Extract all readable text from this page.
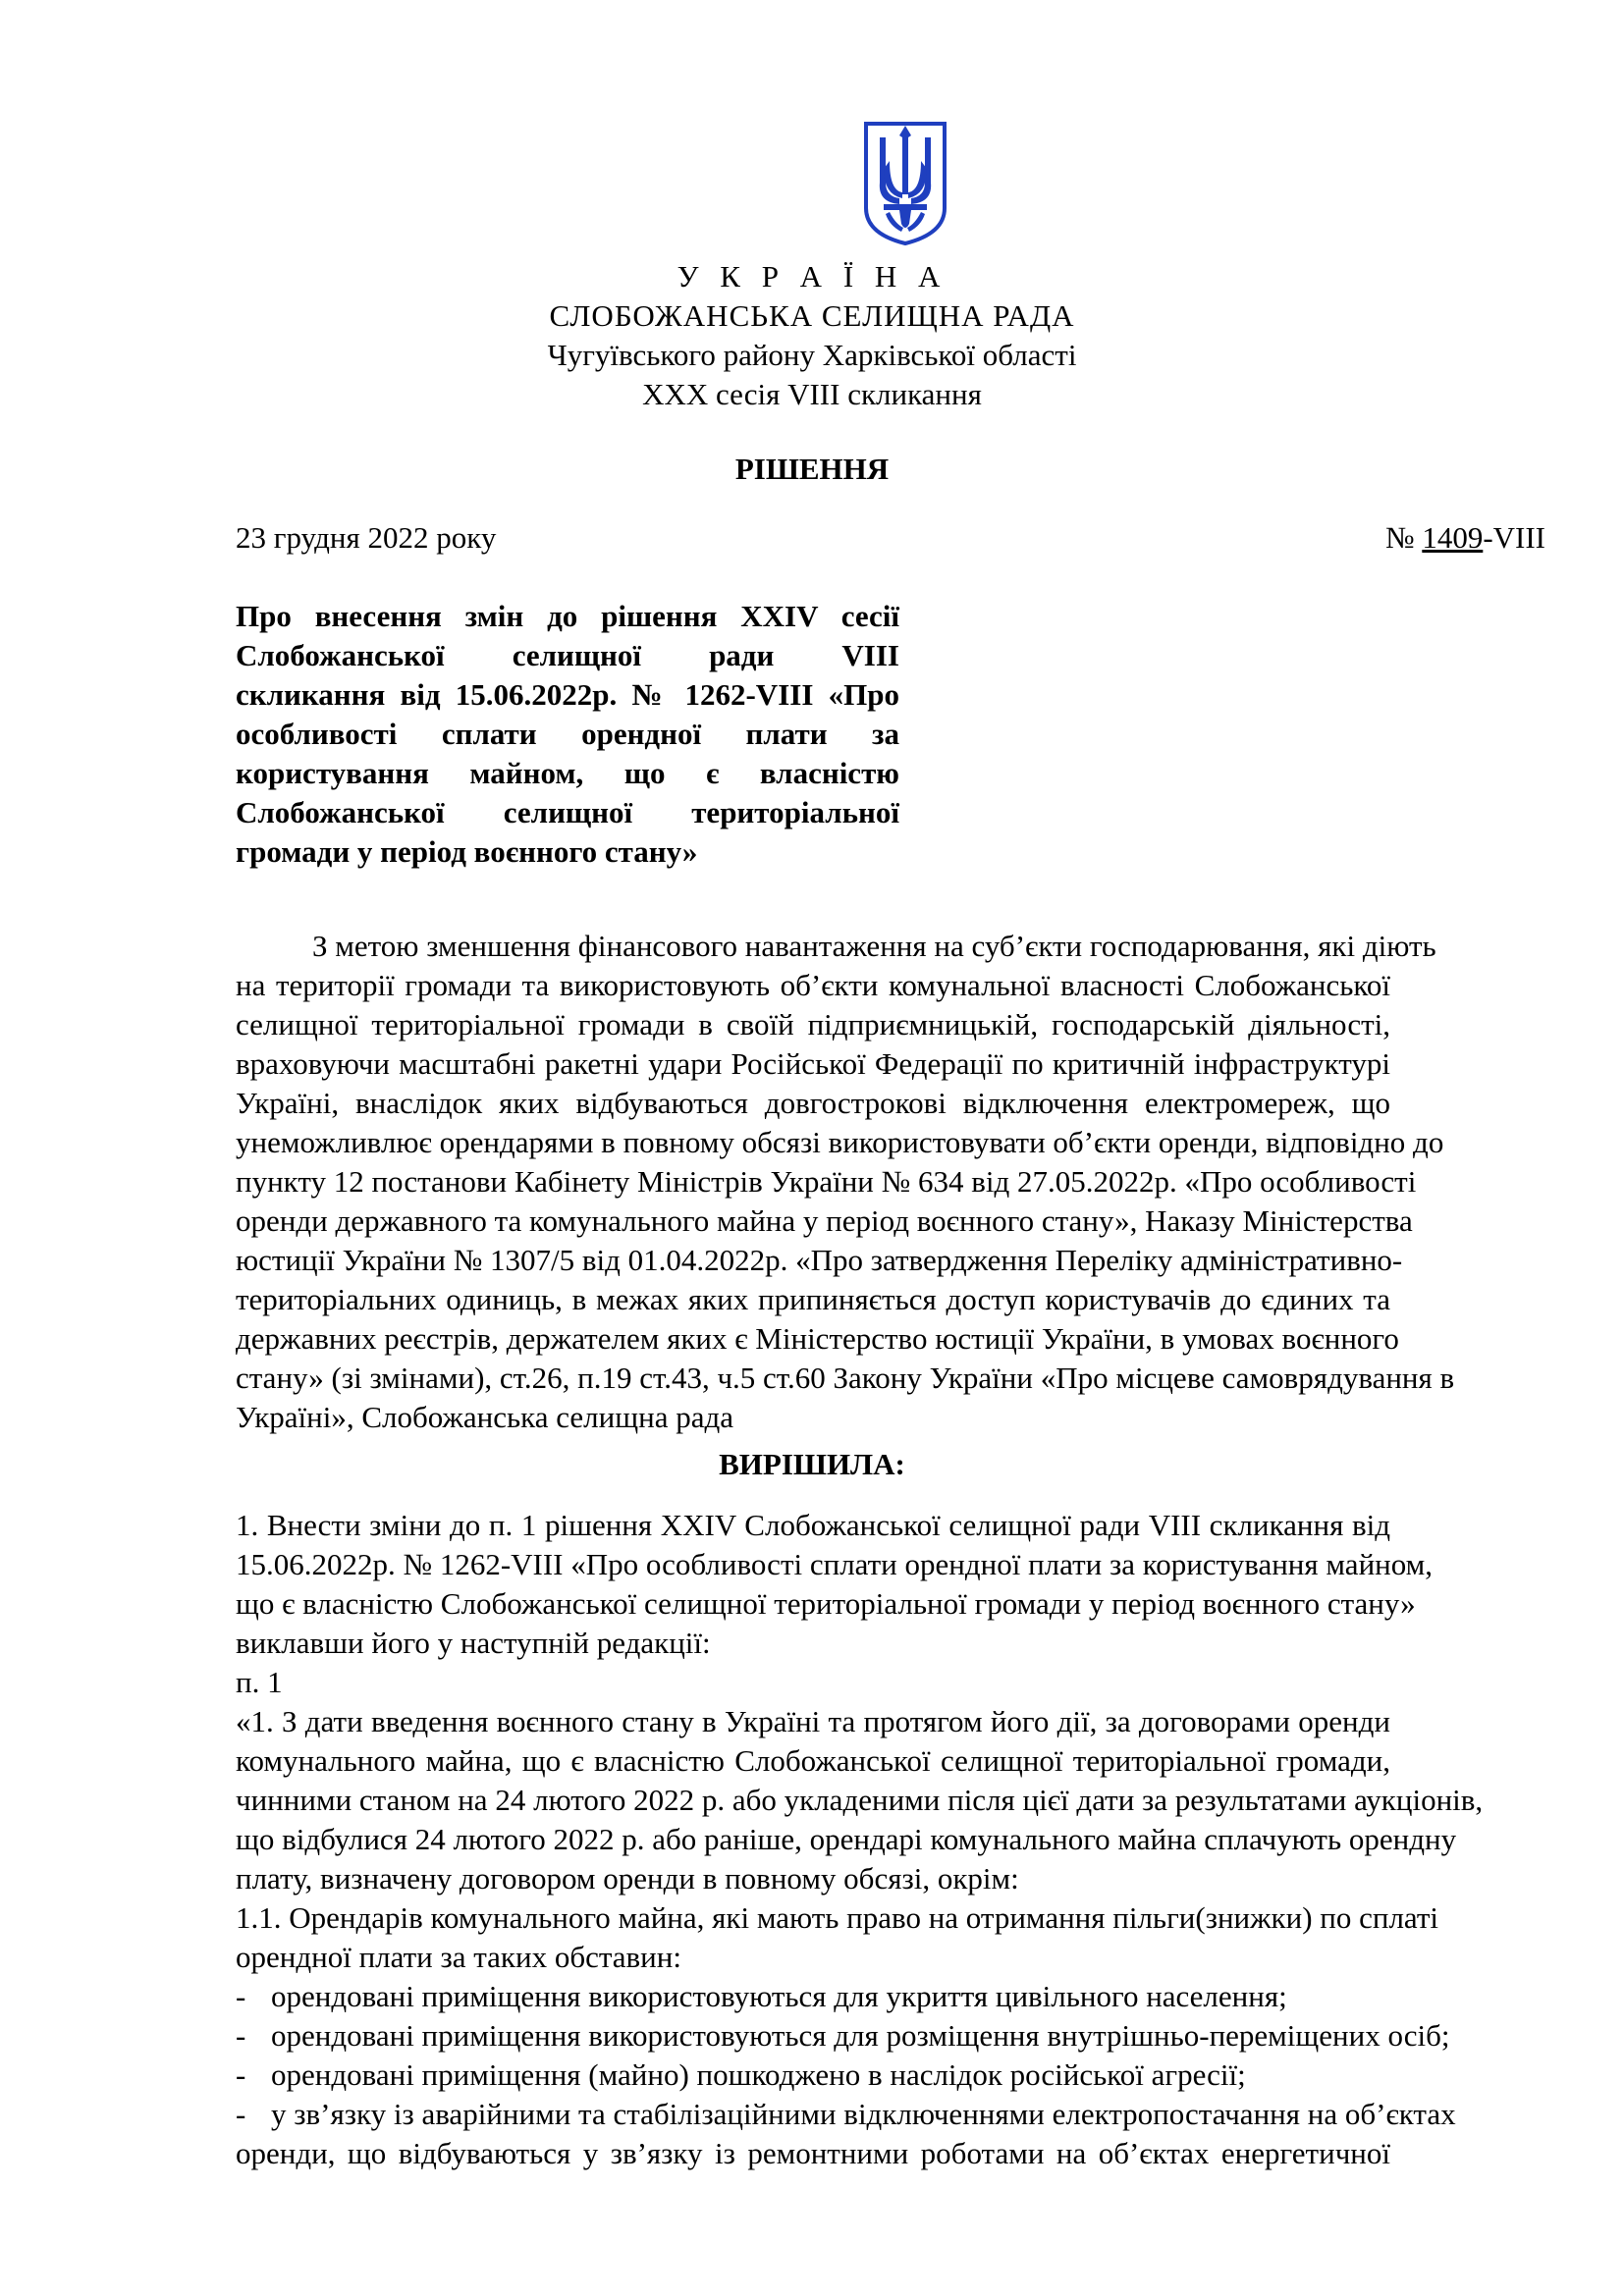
У К Р А Ї Н А
СЛОБОЖАНСЬКА СЕЛИЩНА РАДА
Чугуївського району Харківської області
ХХХ сесія VIII скликання
РІШЕННЯ
23 грудня 2022 року	№ 1409-VIII
Про внесення змін до рішення XXIV сесії
Слобожанської селищної ради VIII
скликання від 15.06.2022р. № 1262-VIII «Про
особливості сплати орендної плати за
користування майном, що є власністю
Слобожанської селищної територіальної
громади у період воєнного стану»
З метою зменшення фінансового навантаження на суб’єкти господарювання, які діють
на території громади та використовують об’єкти комунальної власності Слобожанської
селищної територіальної громади в своїй підприємницькій, господарській діяльності,
враховуючи масштабні ракетні удари Російської Федерації по критичній інфраструктурі
Україні, внаслідок яких відбуваються довгострокові відключення електромереж, що
унеможливлює орендарями в повному обсязі використовувати об’єкти оренди, відповідно до
пункту 12 постанови Кабінету Міністрів України № 634 від 27.05.2022р. «Про особливості
оренди державного та комунального майна у період воєнного стану», Наказу Міністерства
юстиції України № 1307/5 від 01.04.2022р. «Про затвердження Переліку адміністративно-
територіальних одиниць, в межах яких припиняється доступ користувачів до єдиних та
державних реєстрів, держателем яких є Міністерство юстиції України, в умовах воєнного
стану» (зі змінами), ст.26, п.19 ст.43, ч.5 ст.60 Закону України «Про місцеве самоврядування в
Україні», Слобожанська селищна рада
ВИРІШИЛА:
1. Внести зміни до п. 1 рішення XXIV Слобожанської селищної ради VIII скликання від
15.06.2022р. № 1262-VIII «Про особливості сплати орендної плати за користування майном,
що є власністю Слобожанської селищної територіальної громади у період воєнного стану»
виклавши його у наступній редакції:
п. 1
«1. З дати введення воєнного стану в Україні та протягом його дії, за договорами оренди
комунального майна, що є власністю Слобожанської селищної територіальної громади,
чинними станом на 24 лютого 2022 р. або укладеними після цієї дати за результатами аукціонів,
що відбулися 24 лютого 2022 р. або раніше, орендарі комунального майна сплачують орендну
плату, визначену договором оренди в повному обсязі, окрім:
1.1. Орендарів комунального майна, які мають право на отримання пільги(знижки) по сплаті
орендної плати за таких обставин:
- орендовані приміщення використовуються для укриття цивільного населення;
- орендовані приміщення використовуються для розміщення внутрішньо-переміщених осіб;
- орендовані приміщення (майно) пошкоджено в наслідок російської агресії;
- у зв’язку із аварійними та стабілізаційними відключеннями електропостачання на об’єктах
оренди, що відбуваються у зв’язку із ремонтними роботами на об’єктах енергетичної
